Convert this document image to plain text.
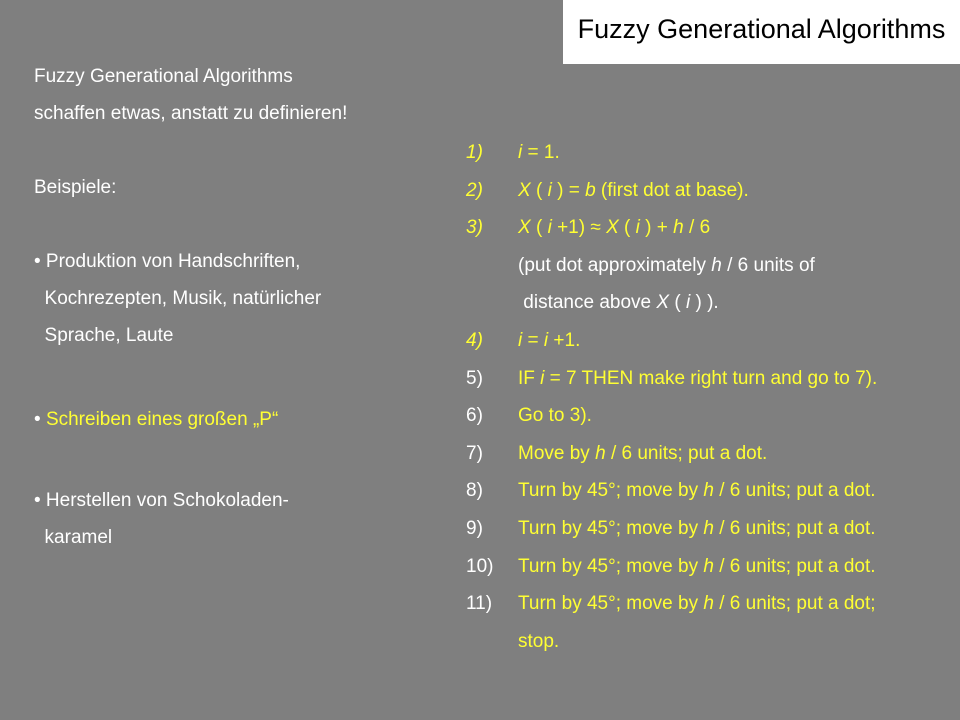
Fuzzy Generational Algorithms
Fuzzy Generational Algorithms
schaffen etwas, anstatt zu definieren!
Beispiele:
• Produktion von Handschriften,
Kochrezepten, Musik, natürlicher
Sprache, Laute
• Schreiben eines großen „P“
• Herstellen von Schokoladen-
karamel
1)	i = 1.
2)	X ( i ) = b (first dot at base).
3)	X ( i +1) ≈ X ( i ) + h / 6
(put dot approximately h / 6 units of
distance above X ( i ) ).
4)	i = i +1.
5)	IF i = 7 THEN make right turn and go to 7).
6)	Go to 3).
7)	Move by h / 6 units; put a dot.
8)	Turn by 45°; move by h / 6 units; put a dot.
9)	Turn by 45°; move by h / 6 units; put a dot.
10)	Turn by 45°; move by h / 6 units; put a dot.
11)	Turn by 45°; move by h / 6 units; put a dot;
stop.
